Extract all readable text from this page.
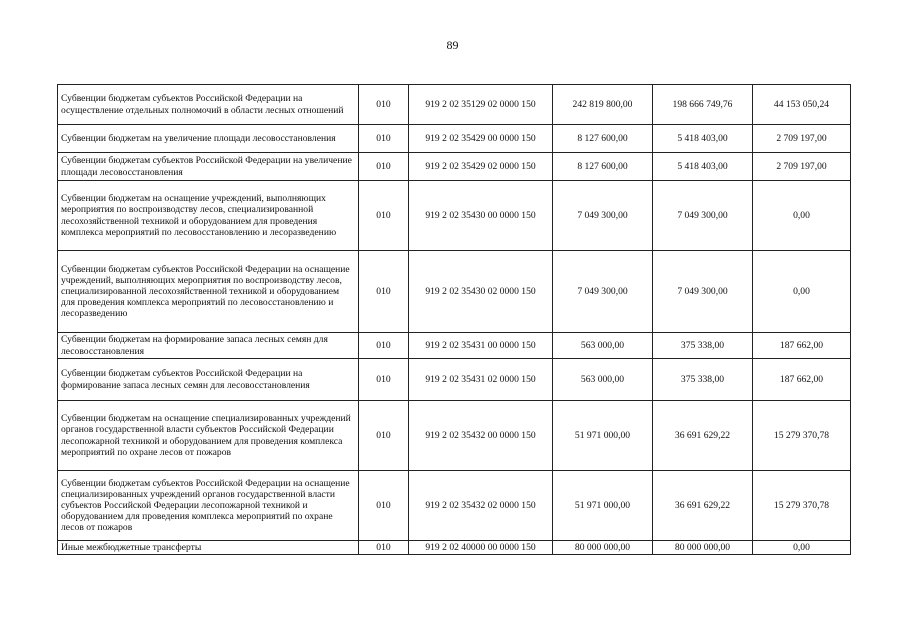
89
Субвенции бюджетам субъектов Российской Федерации на осуществление отдельных полномочий в области лесных отношений	010	919 2 02 35129 02 0000 150	242 819 800,00	198 666 749,76	44 153 050,24
Субвенции бюджетам на увеличение площади лесовосстановления	010	919 2 02 35429 00 0000 150	8 127 600,00	5 418 403,00	2 709 197,00
Субвенции бюджетам субъектов Российской Федерации на увеличение площади лесовосстановления	010	919 2 02 35429 02 0000 150	8 127 600,00	5 418 403,00	2 709 197,00
Субвенции бюджетам на оснащение учреждений, выполняющих мероприятия по воспроизводству лесов, специализированной лесохозяйственной техникой и оборудованием для проведения комплекса мероприятий по лесовосстановлению и лесоразведению	010	919 2 02 35430 00 0000 150	7 049 300,00	7 049 300,00	0,00
Субвенции бюджетам субъектов Российской Федерации на оснащение учреждений, выполняющих мероприятия по воспроизводству лесов, специализированной лесохозяйственной техникой и оборудованием для проведения комплекса мероприятий по лесовосстановлению и лесоразведению	010	919 2 02 35430 02 0000 150	7 049 300,00	7 049 300,00	0,00
Субвенции бюджетам на формирование запаса лесных семян для лесовосстановления	010	919 2 02 35431 00 0000 150	563 000,00	375 338,00	187 662,00
Субвенции бюджетам субъектов Российской Федерации на формирование запаса лесных семян для лесовосстановления	010	919 2 02 35431 02 0000 150	563 000,00	375 338,00	187 662,00
Субвенции бюджетам на оснащение специализированных учреждений органов государственной власти субъектов Российской Федерации лесопожарной техникой и оборудованием для проведения комплекса мероприятий по охране лесов от пожаров	010	919 2 02 35432 00 0000 150	51 971 000,00	36 691 629,22	15 279 370,78
Субвенции бюджетам субъектов Российской Федерации на оснащение специализированных учреждений органов государственной власти субъектов Российской Федерации лесопожарной техникой и оборудованием для проведения комплекса мероприятий по охране лесов от пожаров	010	919 2 02 35432 02 0000 150	51 971 000,00	36 691 629,22	15 279 370,78
Иные межбюджетные трансферты	010	919 2 02 40000 00 0000 150	80 000 000,00	80 000 000,00	0,00
